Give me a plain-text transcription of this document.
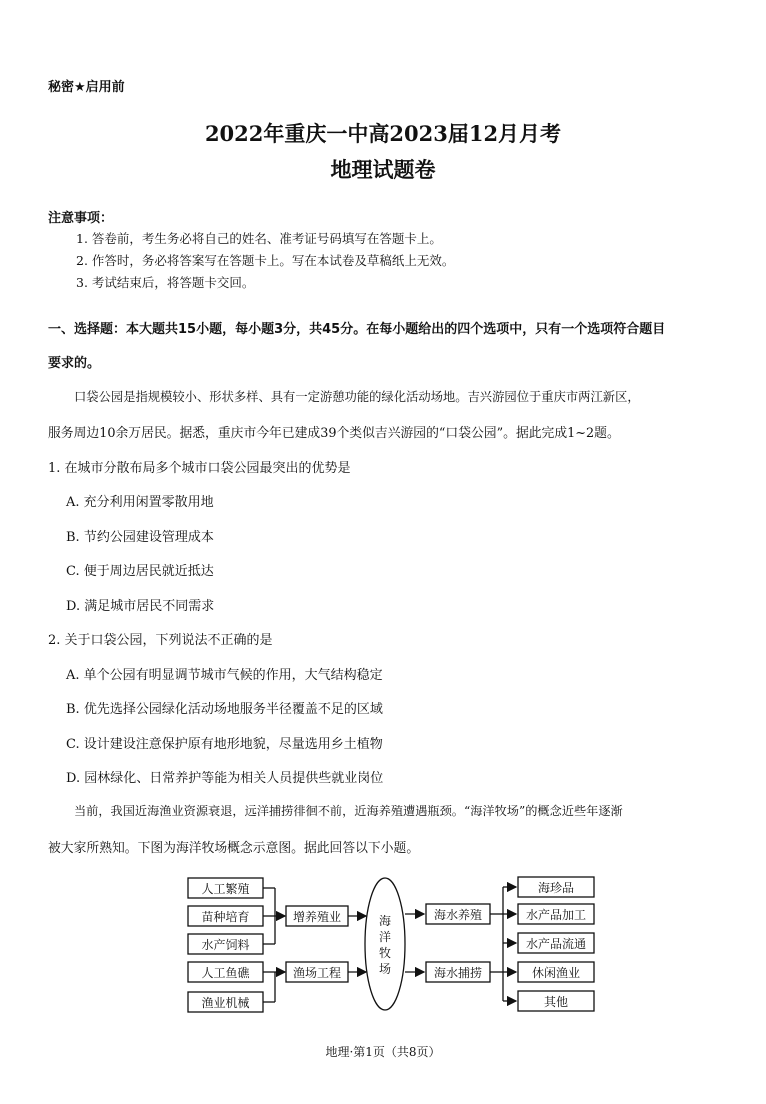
秘密★启用前
2022年重庆一中高2023届12月月考
地理试题卷
注意事项：
1. 答卷前，考生务必将自己的姓名、准考证号码填写在答题卡上。
2. 作答时，务必将答案写在答题卡上。写在本试卷及草稿纸上无效。
3. 考试结束后，将答题卡交回。
一、选择题：本大题共15小题，每小题3分，共45分。在每小题给出的四个选项中，只有一个选项符合题目
要求的。
口袋公园是指规模较小、形状多样、具有一定游憩功能的绿化活动场地。吉兴游园位于重庆市两江新区，
服务周边10余万居民。据悉，重庆市今年已建成39个类似吉兴游园的“口袋公园”。据此完成1~2题。
1. 在城市分散布局多个城市口袋公园最突出的优势是
A. 充分利用闲置零散用地
B. 节约公园建设管理成本
C. 便于周边居民就近抵达
D. 满足城市居民不同需求
2. 关于口袋公园，下列说法不正确的是
A. 单个公园有明显调节城市气候的作用，大气结构稳定
B. 优先选择公园绿化活动场地服务半径覆盖不足的区域
C. 设计建设注意保护原有地形地貌，尽量选用乡土植物
D. 园林绿化、日常养护等能为相关人员提供些就业岗位
当前，我国近海渔业资源衰退，远洋捕捞徘徊不前，近海养殖遭遇瓶颈。“海洋牧场”的概念近些年逐渐
被大家所熟知。下图为海洋牧场概念示意图。据此回答以下小题。
人工繁殖
苗种培育
水产饲料
人工鱼礁
渔业机械
增养殖业
渔场工程
海
洋
牧
场
海水养殖
海水捕捞
海珍品
水产品加工
水产品流通
休闲渔业
其他
地理·第1页（共8页）
